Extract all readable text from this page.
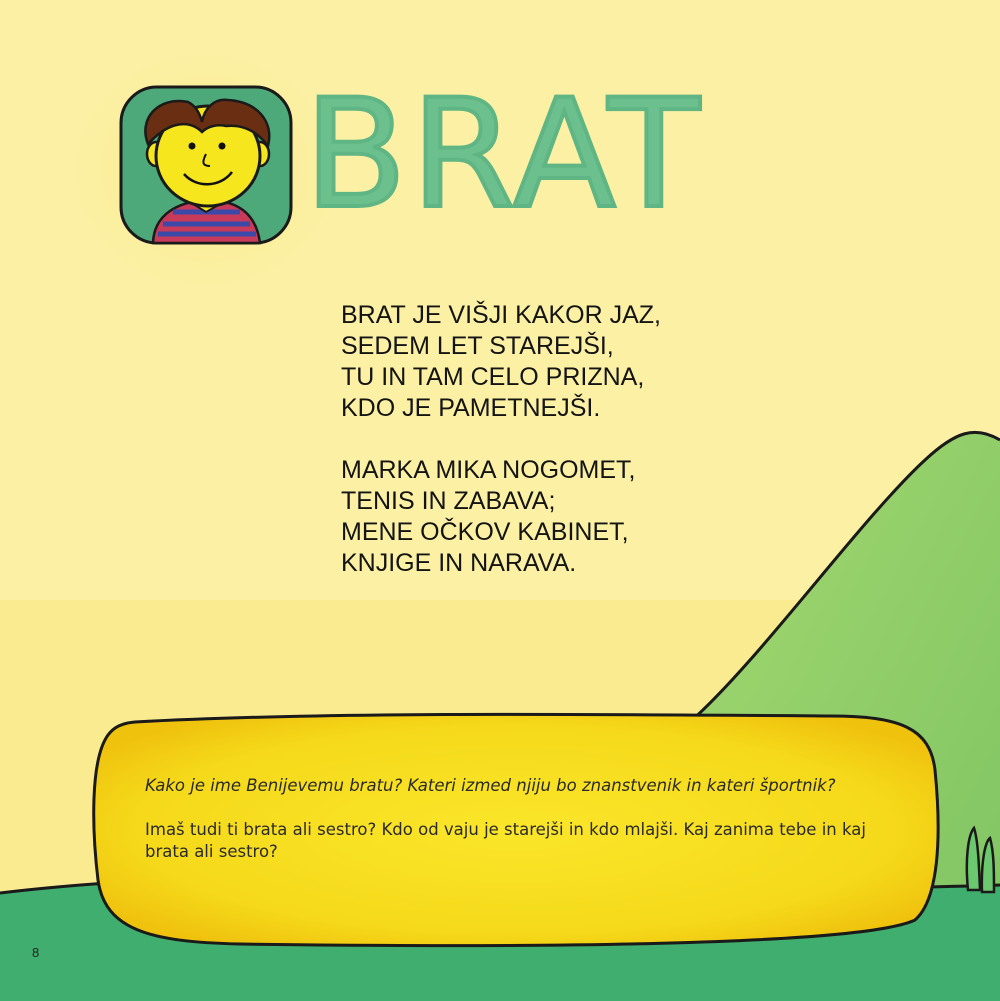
BRAT
BRAT JE VIŠJI KAKOR JAZ,
SEDEM LET STAREJŠI,
TU IN TAM CELO PRIZNA,
KDO JE PAMETNEJŠI.
MARKA MIKA NOGOMET,
TENIS IN ZABAVA;
MENE OČKOV KABINET,
KNJIGE IN NARAVA.
Kako je ime Benijevemu bratu? Kateri izmed njiju bo znanstvenik in kateri športnik?
Imaš tudi ti brata ali sestro? Kdo od vaju je starejši in kdo mlajši. Kaj zanima tebe in kaj brata ali sestro?
8
